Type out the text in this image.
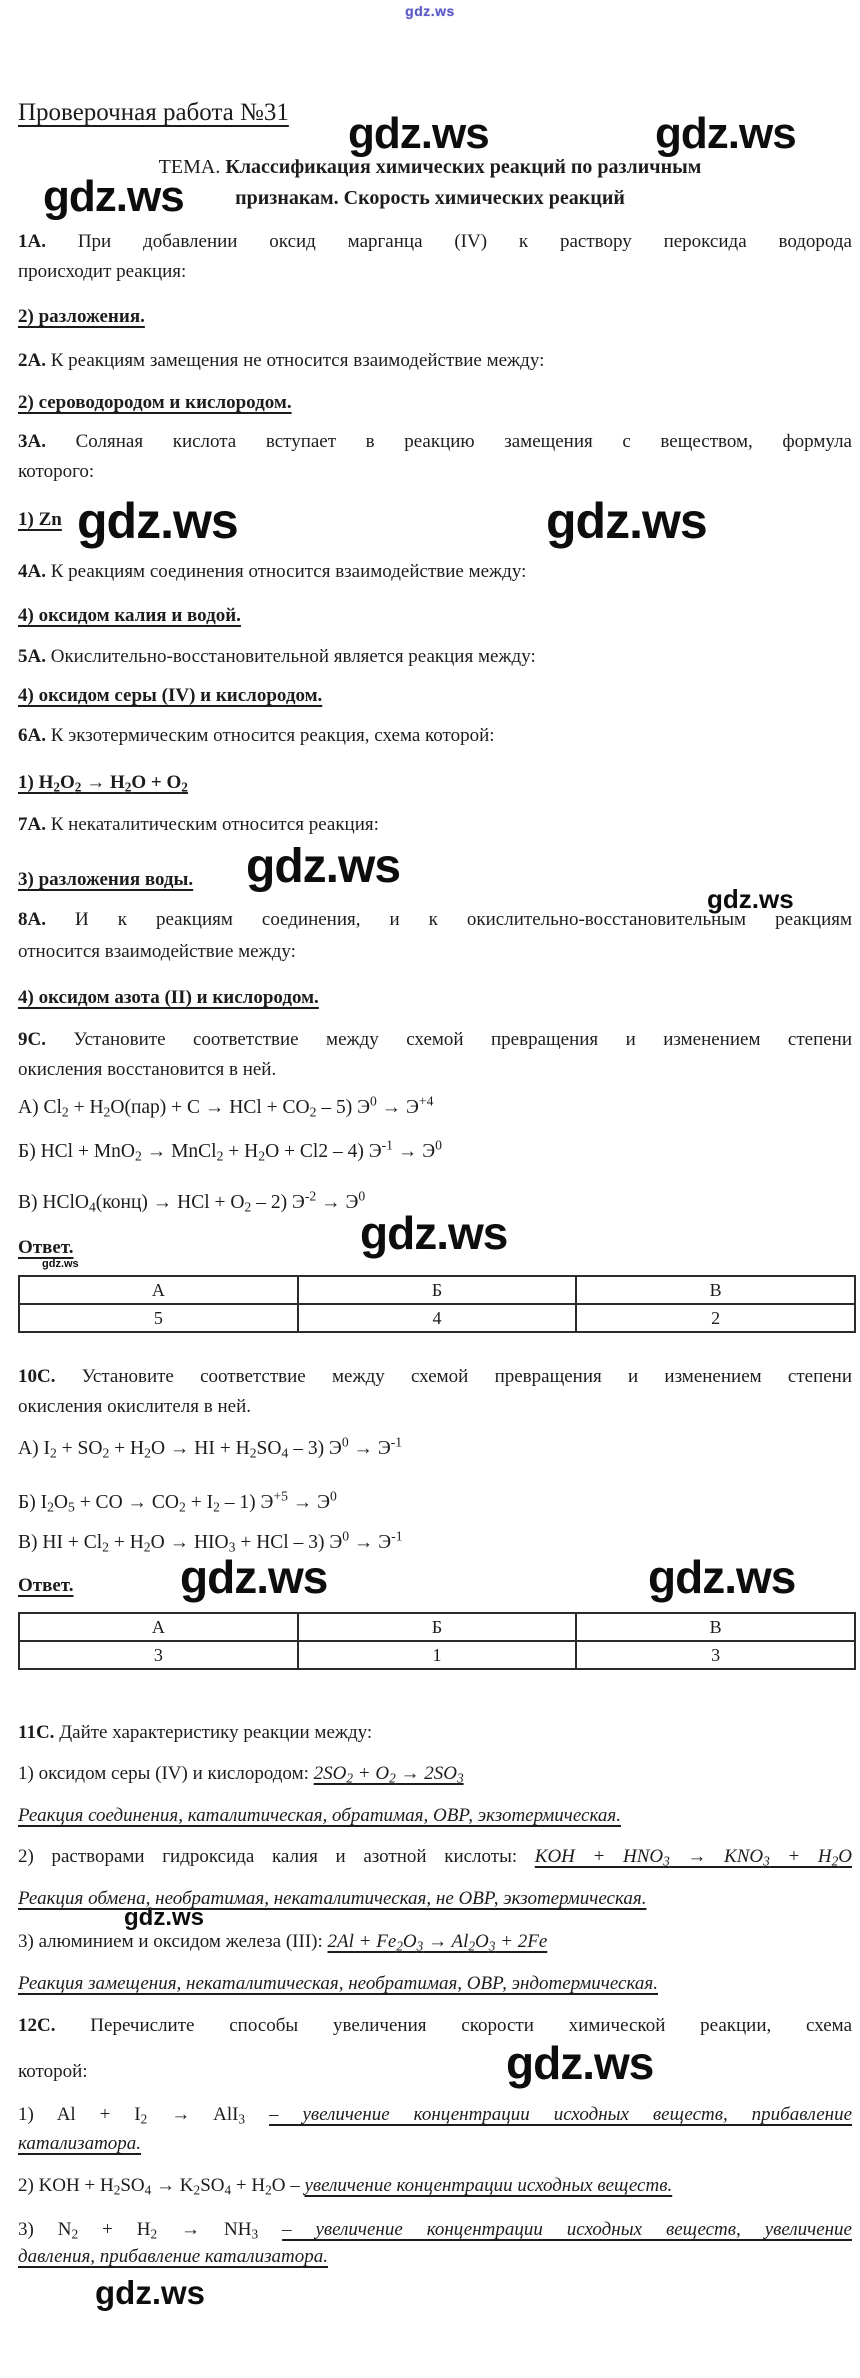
gdz.ws
gdz.ws	gdz.ws
gdz.ws
gdz.ws	gdz.ws
gdz.ws
gdz.ws
gdz.ws
gdz.ws
gdz.ws	gdz.ws
gdz.ws
gdz.ws
gdz.ws
Проверочная работа №31
ТЕМА. Классификация химических реакций по различным
признакам. Скорость химических реакций
1А. При добавлении оксид марганца (IV) к раствору пероксида водорода
происходит реакция:
2) разложения.
2А. К реакциям замещения не относится взаимодействие между:
2) сероводородом и кислородом.
3А. Соляная кислота вступает в реакцию замещения с веществом, формула
которого:
1) Zn
4А. К реакциям соединения относится взаимодействие между:
4) оксидом калия и водой.
5А. Окислительно-восстановительной является реакция между:
4) оксидом серы (IV) и кислородом.
6А. К экзотермическим относится реакция, схема которой:
1) $H_2O_2 \to H_2O + O_2$
7А. К некаталитическим относится реакция:
3) разложения воды.
8А. И к реакциям соединения, и к окислительно-восстановительным реакциям
относится взаимодействие между:
4) оксидом азота (II) и кислородом.
9С. Установите соответствие между схемой превращения и изменением степени
окисления восстановится в ней.
А) $Cl_2 + H_2O(пар) + C$ → HCl + $CO_2 - 5$) $Э^0 \to Э^{+4}$
Б) HCl + MnO$_2$ → MnCl$_2$ + $H_2O + Cl2 - 4$) $Э^{-1} \to Э^0$
В) HClO$_4$(конц) → HCl + $O_2 - 2$) $Э^{-2} \to Э^0$
Ответ.
А	Б	В
5	4	2
10С. Установите соответствие между схемой превращения и изменением степени
окисления окислителя в ней.
А) $I_2 + SO_2 + H_2O$ → HI + $H_2SO_4 - 3$) $Э^0 \to Э^{-1}$
Б) $I_2O_5$ + CO → $CO_2 + I_2 - 1$) $Э^{+5} \to Э^0$
В) HI + $Cl_2 + H_2O \to HIO_3$ + HCl – 3) $Э^0 \to Э^{-1}$
Ответ.
А	Б	В
3	1	3
11С. Дайте характеристику реакции между:
1) оксидом серы (IV) и кислородом: $2SO_2 + O_2 \to 2SO_3$
Реакция соединения, каталитическая, обратимая, ОВР, экзотермическая.
2) растворами гидроксида калия и азотной кислоты: KOH + $HNO_3 \to KNO_3 + H_2O$
Реакция обмена, необратимая, некаталитическая, не ОВР, экзотермическая.
3) алюминием и оксидом железа (III): $2Al + Fe_2O_3 \to Al_2O_3 + 2Fe$
Реакция замещения, некаталитическая, необратимая, ОВР, эндотермическая.
12С. Перечислите способы увеличения скорости химической реакции, схема
которой:
1) $Al + I_2 \to AlI_3$ – увеличение концентрации исходных веществ, прибавление
катализатора.
2) KOH + $H_2SO_4 \to K_2SO_4 + H_2O$ – увеличение концентрации исходных веществ.
3) $N_2 + H_2 \to NH_3$ – увеличение концентрации исходных веществ, увеличение
давления, прибавление катализатора.
